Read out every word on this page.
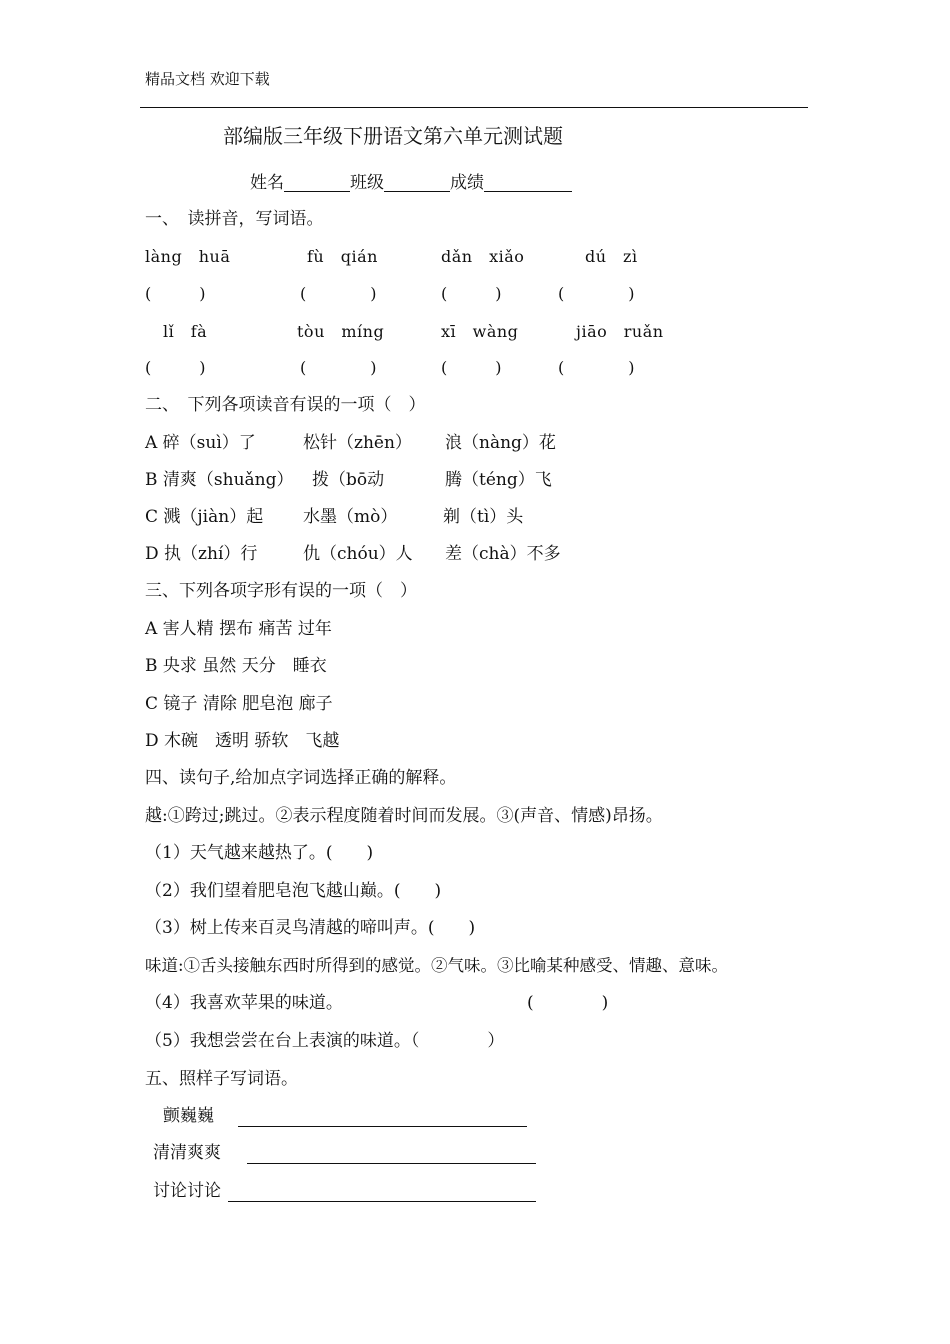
精品文档 欢迎下载
部编版三年级下册语文第六单元测试题
姓名	班级	成绩
一、　读拼音，写词语。
làng　huā	fù　qián	dǎn　xiǎo	dú　zì
(　　　)	(　　　　)	(　　　)	(　　　　)
lǐ　fà	tòu　míng	xī　wàng	jiāo　ruǎn
(　　　)	(　　　　)	(　　　)	(　　　　)
二、　下列各项读音有误的一项（　）
A 碎（suì）了	松针（zhēn） 浪（nàng）花
B 清爽（shuǎng） 拨（bō动	腾（téng）飞
C 溅（jiàn）起 水墨（mò）	剃（tì）头
D 执（zhí）行	仇（chóu）人 差（chà）不多
三、下列各项字形有误的一项（　）
A 害人精 摆布 痛苦 过年
B 央求 虽然 天分　睡衣
C 镜子 清除 肥皂泡 廊子
D 木碗　透明 骄软　飞越
四、读句子,给加点字词选择正确的解释。
越:①跨过;跳过。②表示程度随着时间而发展。③(声音、情感)昂扬。
（1）天气越来越热了。(　　)
（2）我们望着肥皂泡飞越山巅。(　　)
（3）树上传来百灵鸟清越的啼叫声。(　　)
味道:①舌头接触东西时所得到的感觉。②气味。③比喻某种感受、情趣、意味。
（4）我喜欢苹果的味道。	(　　　　)
（5）我想尝尝在台上表演的味道。（　　　　）
五、照样子写词语。
颤巍巍
清清爽爽
讨论讨论
